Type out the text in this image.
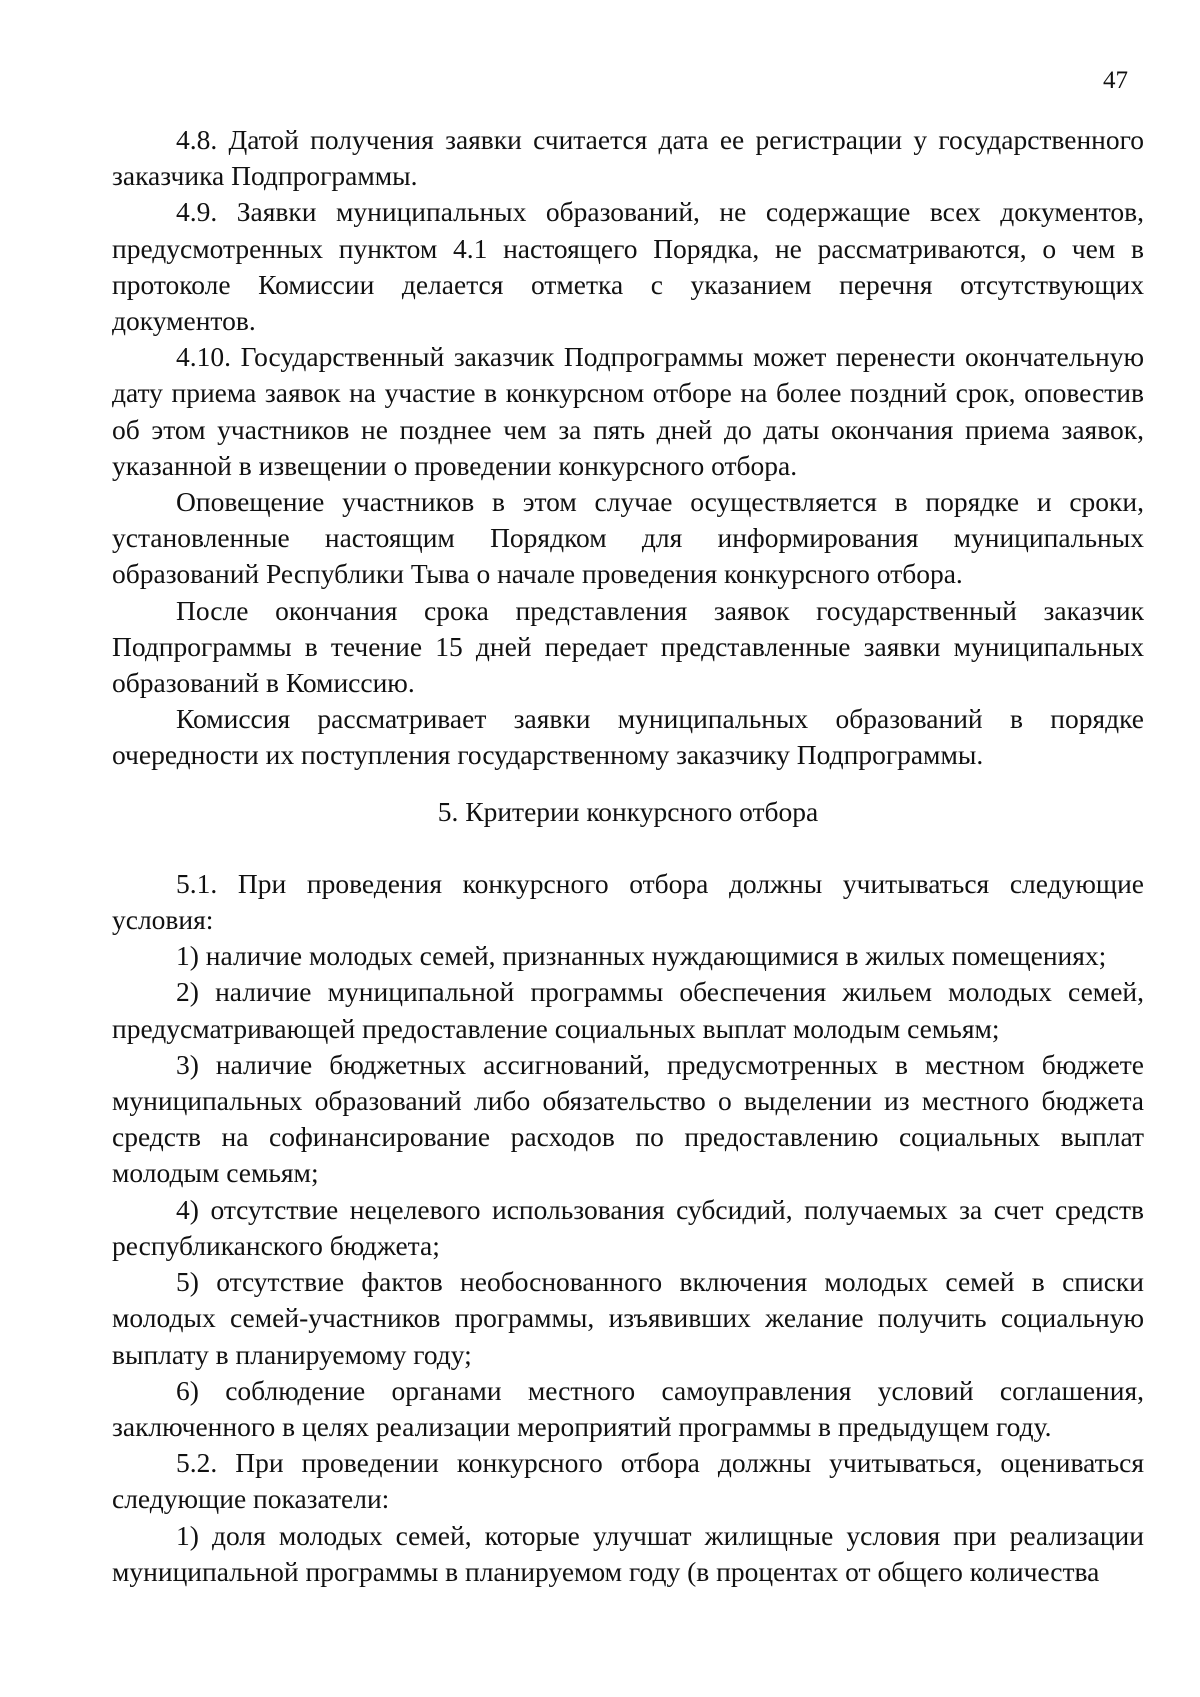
47

4.8. Датой получения заявки считается дата ее регистрации у государственного заказчика Подпрограммы.

4.9. Заявки муниципальных образований, не содержащие всех документов, предусмотренных пунктом 4.1 настоящего Порядка, не рассматриваются, о чем в протоколе Комиссии делается отметка с указанием перечня отсутствующих документов.

4.10. Государственный заказчик Подпрограммы может перенести окончательную дату приема заявок на участие в конкурсном отборе на более поздний срок, оповестив об этом участников не позднее чем за пять дней до даты окончания приема заявок, указанной в извещении о проведении конкурсного отбора.

Оповещение участников в этом случае осуществляется в порядке и сроки, установленные настоящим Порядком для информирования муниципальных образований Республики Тыва о начале проведения конкурсного отбора.

После окончания срока представления заявок государственный заказчик Подпрограммы в течение 15 дней передает представленные заявки муниципальных образований в Комиссию.

Комиссия рассматривает заявки муниципальных образований в порядке очередности их поступления государственному заказчику Подпрограммы.

5. Критерии конкурсного отбора

5.1. При проведения конкурсного отбора должны учитываться следующие условия:

1) наличие молодых семей, признанных нуждающимися в жилых помещениях;

2) наличие муниципальной программы обеспечения жильем молодых семей, предусматривающей предоставление социальных выплат молодым семьям;

3) наличие бюджетных ассигнований, предусмотренных в местном бюджете муниципальных образований либо обязательство о выделении из местного бюджета средств на софинансирование расходов по предоставлению социальных выплат молодым семьям;

4) отсутствие нецелевого использования субсидий, получаемых за счет средств республиканского бюджета;

5) отсутствие фактов необоснованного включения молодых семей в списки молодых семей-участников программы, изъявивших желание получить социальную выплату в планируемому году;

6) соблюдение органами местного самоуправления условий соглашения, заключенного в целях реализации мероприятий программы в предыдущем году.

5.2. При проведении конкурсного отбора должны учитываться, оцениваться следующие показатели:

1) доля молодых семей, которые улучшат жилищные условия при реализации муниципальной программы в планируемом году (в процентах от общего количества
